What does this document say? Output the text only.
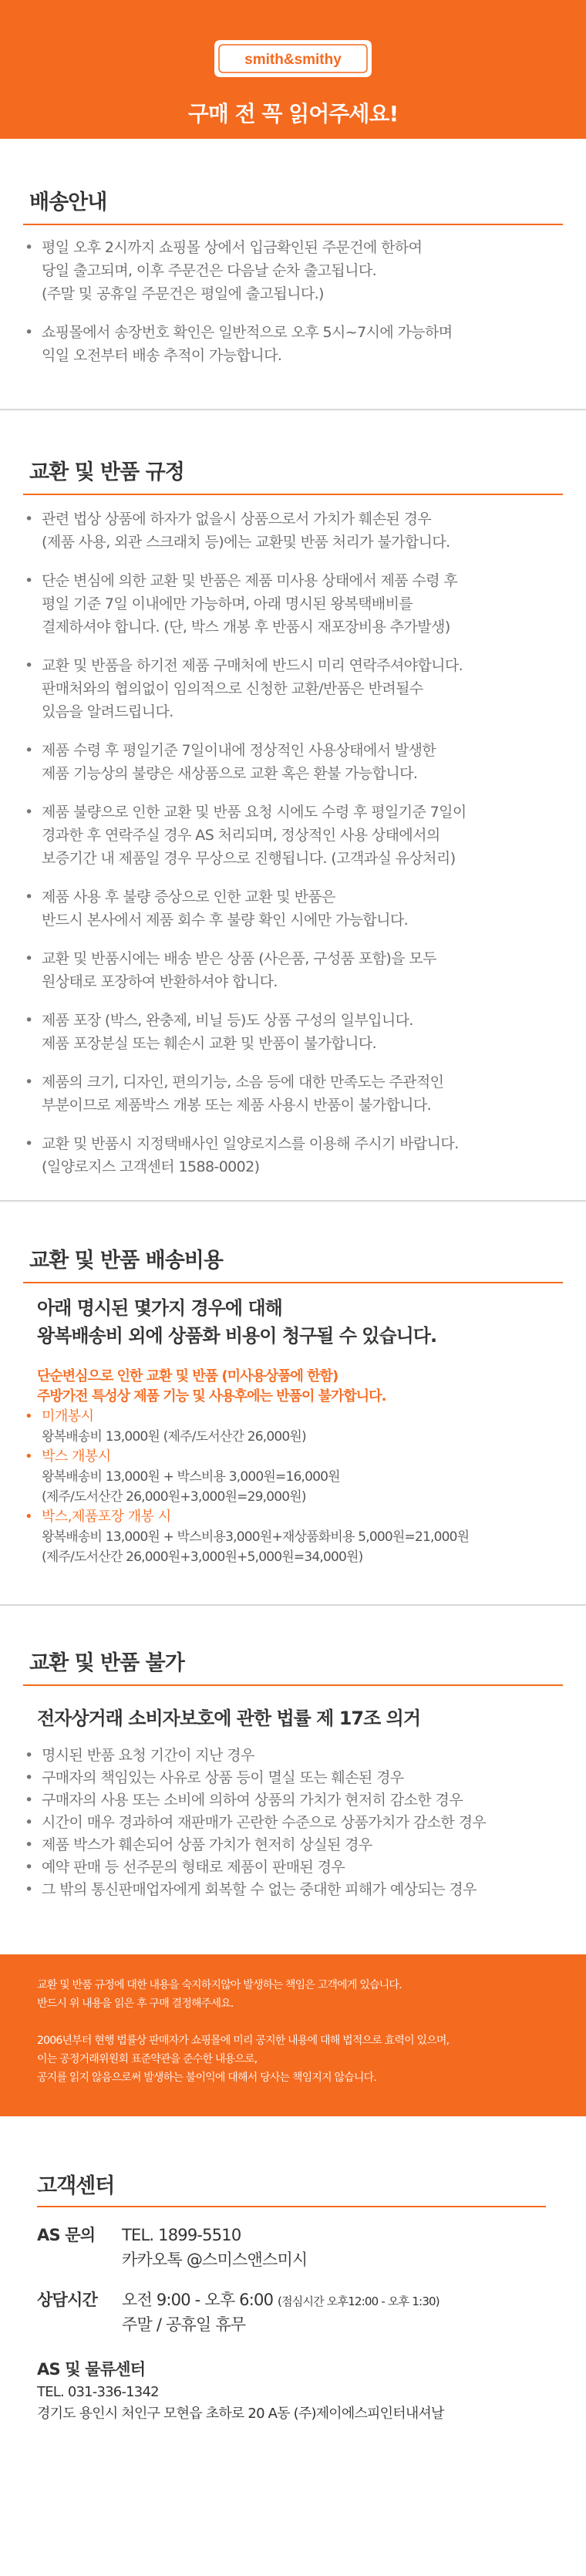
smith&smithy
구매 전 꼭 읽어주세요!
배송안내
• 평일 오후 2시까지 쇼핑몰 상에서 입금확인된 주문건에 한하여
당일 출고되며, 이후 주문건은 다음날 순차 출고됩니다.
(주말 및 공휴일 주문건은 평일에 출고됩니다.)
• 쇼핑몰에서 송장번호 확인은 일반적으로 오후 5시~7시에 가능하며
익일 오전부터 배송 추적이 가능합니다.
교환 및 반품 규정
• 관련 법상 상품에 하자가 없을시 상품으로서 가치가 훼손된 경우
(제품 사용, 외관 스크래치 등)에는 교환및 반품 처리가 불가합니다.
• 단순 변심에 의한 교환 및 반품은 제품 미사용 상태에서 제품 수령 후
평일 기준 7일 이내에만 가능하며, 아래 명시된 왕복택배비를
결제하셔야 합니다. (단, 박스 개봉 후 반품시 재포장비용 추가발생)
• 교환 및 반품을 하기전 제품 구매처에 반드시 미리 연락주셔야합니다.
판매처와의 협의없이 임의적으로 신청한 교환/반품은 반려될수
있음을 알려드립니다.
• 제품 수령 후 평일기준 7일이내에 정상적인 사용상태에서 발생한
제품 기능상의 불량은 새상품으로 교환 혹은 환불 가능합니다.
• 제품 불량으로 인한 교환 및 반품 요청 시에도 수령 후 평일기준 7일이
경과한 후 연락주실 경우 AS 처리되며, 정상적인 사용 상태에서의
보증기간 내 제품일 경우 무상으로 진행됩니다. (고객과실 유상처리)
• 제품 사용 후 불량 증상으로 인한 교환 및 반품은
반드시 본사에서 제품 회수 후 불량 확인 시에만 가능합니다.
• 교환 및 반품시에는 배송 받은 상품 (사은품, 구성품 포함)을 모두
원상태로 포장하여 반환하셔야 합니다.
• 제품 포장 (박스, 완충제, 비닐 등)도 상품 구성의 일부입니다.
제품 포장분실 또는 훼손시 교환 및 반품이 불가합니다.
• 제품의 크기, 디자인, 편의기능, 소음 등에 대한 만족도는 주관적인
부분이므로 제품박스 개봉 또는 제품 사용시 반품이 불가합니다.
• 교환 및 반품시 지정택배사인 일양로지스를 이용해 주시기 바랍니다.
(일양로지스 고객센터 1588-0002)
교환 및 반품 배송비용
아래 명시된 몇가지 경우에 대해
왕복배송비 외에 상품화 비용이 청구될 수 있습니다.
단순변심으로 인한 교환 및 반품 (미사용상품에 한함)
주방가전 특성상 제품 기능 및 사용후에는 반품이 불가합니다.
• 미개봉시
왕복배송비 13,000원 (제주/도서산간 26,000원)
• 박스 개봉시
왕복배송비 13,000원 + 박스비용 3,000원=16,000원
(제주/도서산간 26,000원+3,000원=29,000원)
• 박스,제품포장 개봉 시
왕복배송비 13,000원 + 박스비용3,000원+재상품화비용 5,000원=21,000원
(제주/도서산간 26,000원+3,000원+5,000원=34,000원)
교환 및 반품 불가
전자상거래 소비자보호에 관한 법률 제 17조 의거
• 명시된 반품 요청 기간이 지난 경우
• 구매자의 책임있는 사유로 상품 등이 멸실 또는 훼손된 경우
• 구매자의 사용 또는 소비에 의하여 상품의 가치가 현저히 감소한 경우
• 시간이 매우 경과하여 재판매가 곤란한 수준으로 상품가치가 감소한 경우
• 제품 박스가 훼손되어 상품 가치가 현저히 상실된 경우
• 예약 판매 등 선주문의 형태로 제품이 판매된 경우
• 그 밖의 통신판매업자에게 회복할 수 없는 중대한 피해가 예상되는 경우
교환 및 반품 규정에 대한 내용을 숙지하지않아 발생하는 책임은 고객에게 있습니다.
반드시 위 내용을 읽은 후 구매 결정해주세요.
2006년부터 현행 법률상 판매자가 쇼핑몰에 미리 공지한 내용에 대해 법적으로 효력이 있으며,
이는 공정거래위원회 표준약관을 준수한 내용으로,
공지를 읽지 않음으로써 발생하는 불이익에 대해서 당사는 책임지지 않습니다.
고객센터
AS 문의 TEL. 1899-5510
카카오톡 @스미스앤스미시
상담시간 오전 9:00 - 오후 6:00 (점심시간 오후12:00 - 오후 1:30)
주말 / 공휴일 휴무
AS 및 물류센터
TEL. 031-336-1342
경기도 용인시 처인구 모현읍 초하로 20 A동 (주)제이에스피인터내셔날
